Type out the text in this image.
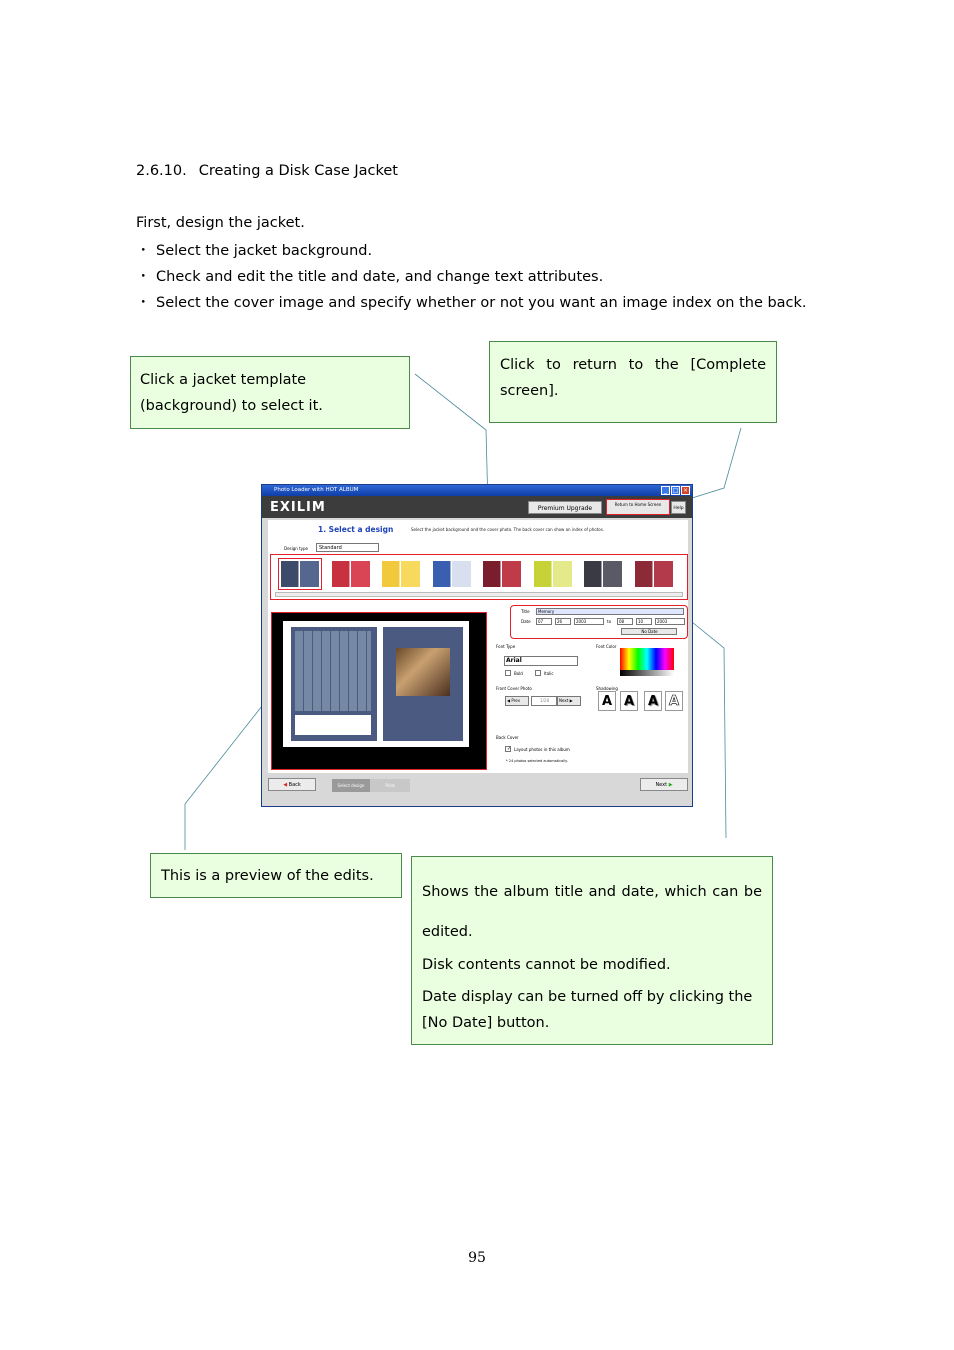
2.6.10. Creating a Disk Case Jacket
First, design the jacket.
・ Select the jacket background.
・ Check and edit the title and date, and change text attributes.
・ Select the cover image and specify whether or not you want an image index on the back.
Click a jacket template (background) to select it.
Click to return to the [Complete screen].
This is a preview of the edits.

Shows the album title and date, which can be edited.

Disk contents cannot be modified.

Date display can be turned off by clicking the [No Date] button.

Photo Loader with HOT ALBUM	_ □ ×
EXILIM	Premium Upgrade
Return to Home Screen
Help
1. Select a design	Select the jacket background and the cover photo. The back cover can show an index of photos.
Design type	Standard
Title	Memory
Date	07	26	2003	to	08	10	2003
No Date
Font Type
Arial
Bold	Italic
Font Color
Front Cover Photo
◀ Prev	1/28	Next ▶
Shadowing
A A	A A
Back Cover
✓ Layout photos in this album
* 24 photos selected automatically.
◀ Back	Select design	Print	Next ▶
95
